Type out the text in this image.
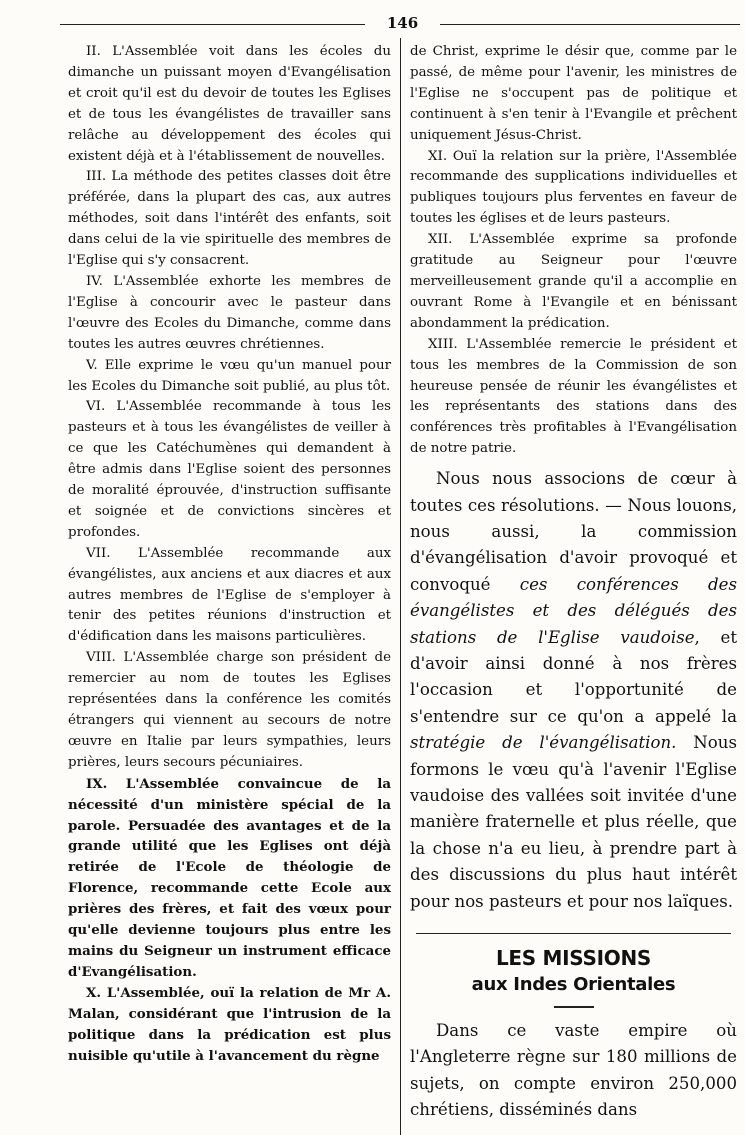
146

II. L'Assemblée voit dans les écoles du dimanche un puissant moyen d'Evangélisation et croit qu'il est du devoir de toutes les Eglises et de tous les évangélistes de travailler sans relâche au développement des écoles qui existent déjà et à l'établissement de nouvelles.

III. La méthode des petites classes doit être préférée, dans la plupart des cas, aux autres méthodes, soit dans l'intérêt des enfants, soit dans celui de la vie spirituelle des membres de l'Eglise qui s'y consacrent.

IV. L'Assemblée exhorte les membres de l'Eglise à concourir avec le pasteur dans l'œuvre des Ecoles du Dimanche, comme dans toutes les autres œuvres chrétiennes.

V. Elle exprime le vœu qu'un manuel pour les Ecoles du Dimanche soit publié, au plus tôt.

VI. L'Assemblée recommande à tous les pasteurs et à tous les évangélistes de veiller à ce que les Catéchumènes qui demandent à être admis dans l'Eglise soient des personnes de moralité éprouvée, d'instruction suffisante et soignée et de convictions sincères et profondes.

VII. L'Assemblée recommande aux évangélistes, aux anciens et aux diacres et aux autres membres de l'Eglise de s'employer à tenir des petites réunions d'instruction et d'édification dans les maisons particulières.

VIII. L'Assemblée charge son président de remercier au nom de toutes les Eglises représentées dans la conférence les comités étrangers qui viennent au secours de notre œuvre en Italie par leurs sympathies, leurs prières, leurs secours pécuniaires.

IX. L'Assemblée convaincue de la nécessité d'un ministère spécial de la parole. Persuadée des avantages et de la grande utilité que les Eglises ont déjà retirée de l'Ecole de théologie de Florence, recommande cette Ecole aux prières des frères, et fait des vœux pour qu'elle devienne toujours plus entre les mains du Seigneur un instrument efficace d'Evangélisation.

X. L'Assemblée, ouï la relation de Mr A. Malan, considérant que l'intrusion de la politique dans la prédication est plus nuisible qu'utile à l'avancement du règne

de Christ, exprime le désir que, comme par le passé, de même pour l'avenir, les ministres de l'Eglise ne s'occupent pas de politique et continuent à s'en tenir à l'Evangile et prêchent uniquement Jésus-Christ.

XI. Ouï la relation sur la prière, l'Assemblée recommande des supplications individuelles et publiques toujours plus ferventes en faveur de toutes les églises et de leurs pasteurs.

XII. L'Assemblée exprime sa profonde gratitude au Seigneur pour l'œuvre merveilleusement grande qu'il a accomplie en ouvrant Rome à l'Evangile et en bénissant abondamment la prédication.

XIII. L'Assemblée remercie le président et tous les membres de la Commission de son heureuse pensée de réunir les évangélistes et les représentants des stations dans des conférences très profitables à l'Evangélisation de notre patrie.

Nous nous associons de cœur à toutes ces résolutions. — Nous louons, nous aussi, la commission d'évangélisation d'avoir provoqué et convoqué ces conférences des évangélistes et des délégués des stations de l'Eglise vaudoise, et d'avoir ainsi donné à nos frères l'occasion et l'opportunité de s'entendre sur ce qu'on a appelé la stratégie de l'évangélisation. Nous formons le vœu qu'à l'avenir l'Eglise vaudoise des vallées soit invitée d'une manière fraternelle et plus réelle, que la chose n'a eu lieu, à prendre part à des discussions du plus haut intérêt pour nos pasteurs et pour nos laïques.

LES MISSIONS
aux Indes Orientales

Dans ce vaste empire où l'Angleterre règne sur 180 millions de sujets, on compte environ 250,000 chrétiens, disséminés dans
